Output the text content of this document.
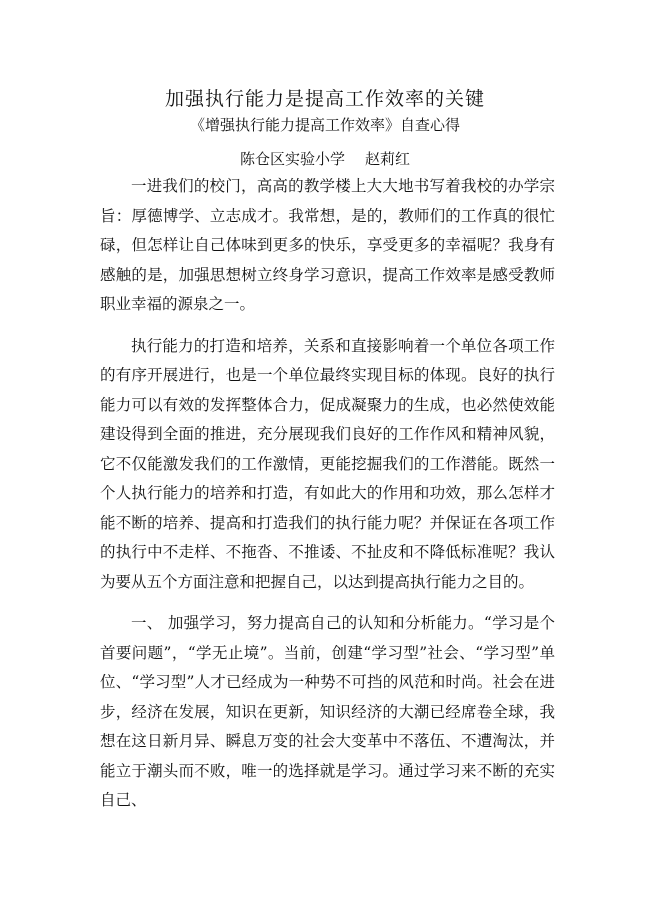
加强执行能力是提高工作效率的关键
《增强执行能力提高工作效率》自查心得
陈仓区实验小学 赵莉红

一进我们的校门，高高的教学楼上大大地书写着我校的办学宗旨：厚德博学、立志成才。我常想，是的，教师们的工作真的很忙碌，但怎样让自己体味到更多的快乐，享受更多的幸福呢？我身有感触的是，加强思想树立终身学习意识，提高工作效率是感受教师职业幸福的源泉之一。

执行能力的打造和培养，关系和直接影响着一个单位各项工作的有序开展进行，也是一个单位最终实现目标的体现。良好的执行能力可以有效的发挥整体合力，促成凝聚力的生成，也必然使效能建设得到全面的推进，充分展现我们良好的工作作风和精神风貌，它不仅能激发我们的工作激情，更能挖掘我们的工作潜能。既然一个人执行能力的培养和打造，有如此大的作用和功效，那么怎样才能不断的培养、提高和打造我们的执行能力呢？并保证在各项工作的执行中不走样、不拖沓、不推诿、不扯皮和不降低标准呢？我认为要从五个方面注意和把握自己，以达到提高执行能力之目的。

一、 加强学习，努力提高自己的认知和分析能力。“学习是个首要问题”，“学无止境”。当前，创建“学习型”社会、“学习型”单位、“学习型”人才已经成为一种势不可挡的风范和时尚。社会在进步，经济在发展，知识在更新，知识经济的大潮已经席卷全球，我想在这日新月异、瞬息万变的社会大变革中不落伍、不遭淘汰，并能立于潮头而不败，唯一的选择就是学习。通过学习来不断的充实自己、
